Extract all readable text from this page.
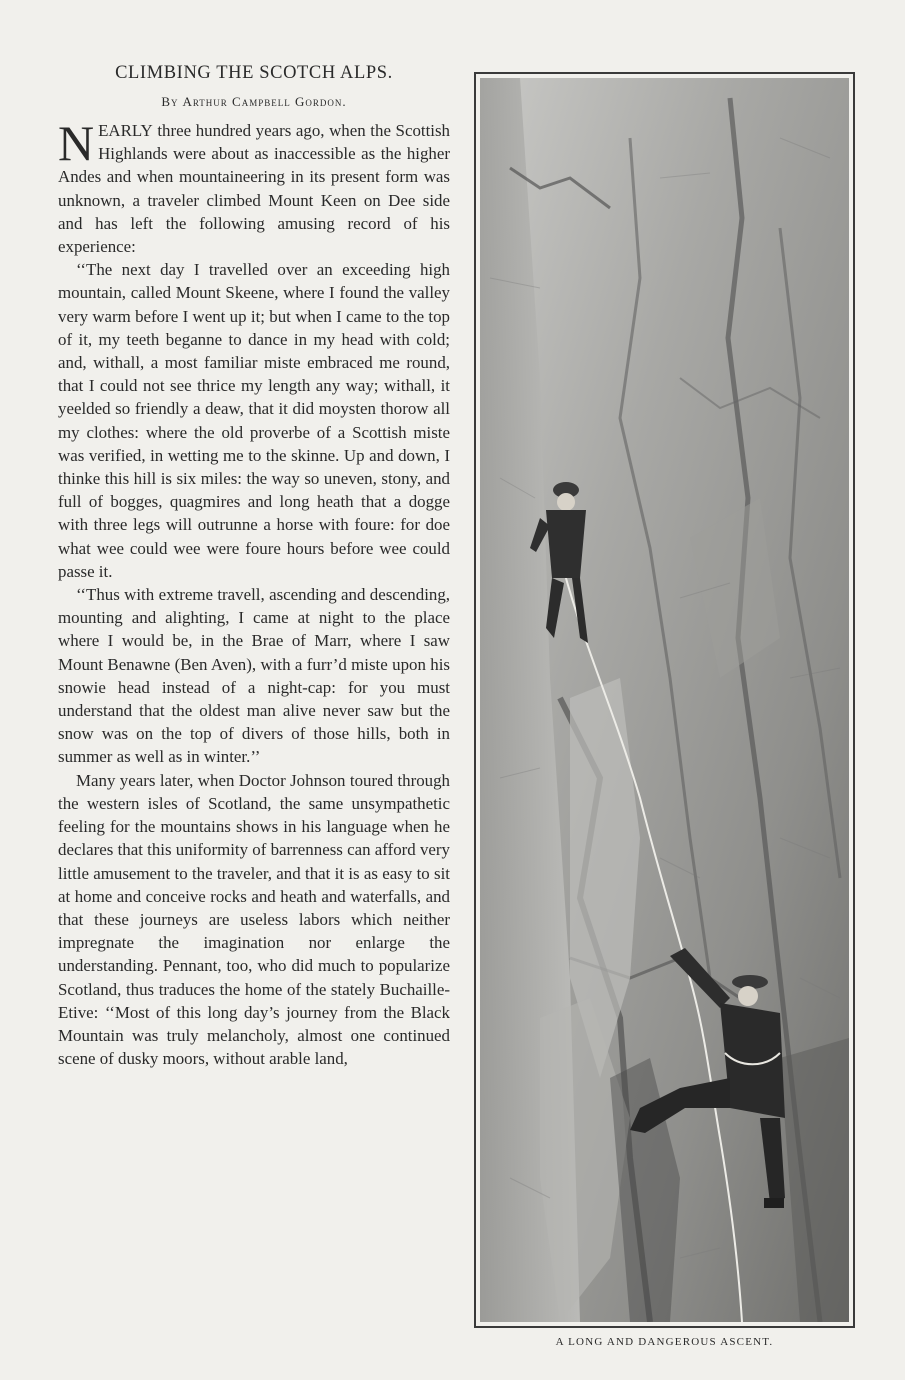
CLIMBING THE SCOTCH ALPS.

By Arthur Campbell Gordon.

NEARLY three hundred years ago, when the Scottish Highlands were about as inaccessible as the higher Andes and when mountaineering in its present form was unknown, a traveler climbed Mount Keen on Dee side and has left the following amusing record of his experience:

‘‘The next day I travelled over an exceeding high mountain, called Mount Skeene, where I found the valley very warm before I went up it; but when I came to the top of it, my teeth beganne to dance in my head with cold; and, withall, a most familiar miste embraced me round, that I could not see thrice my length any way; withall, it yeelded so friendly a deaw, that it did moysten thorow all my clothes: where the old proverbe of a Scottish miste was verified, in wetting me to the skinne. Up and down, I thinke this hill is six miles: the way so uneven, stony, and full of bogges, quagmires and long heath that a dogge with three legs will outrunne a horse with foure: for doe what wee could wee were foure hours before wee could passe it.

‘‘Thus with extreme travell, ascending and descending, mounting and alighting, I came at night to the place where I would be, in the Brae of Marr, where I saw Mount Benawne (Ben Aven), with a furr’d miste upon his snowie head instead of a night-cap: for you must understand that the oldest man alive never saw but the snow was on the top of divers of those hills, both in summer as well as in winter.’’

Many years later, when Doctor Johnson toured through the western isles of Scotland, the same unsympathetic feeling for the mountains shows in his language when he declares that this uniformity of barrenness can afford very little amusement to the traveler, and that it is as easy to sit at home and conceive rocks and heath and waterfalls, and that these journeys are useless labors which neither impregnate the imagination nor enlarge the understanding. Pennant, too, who did much to popularize Scotland, thus traduces the home of the stately Buchaille-Etive: ‘‘Most of this long day’s journey from the Black Mountain was truly melancholy, almost one continued scene of dusky moors, without arable land,

A LONG AND DANGEROUS ASCENT.
